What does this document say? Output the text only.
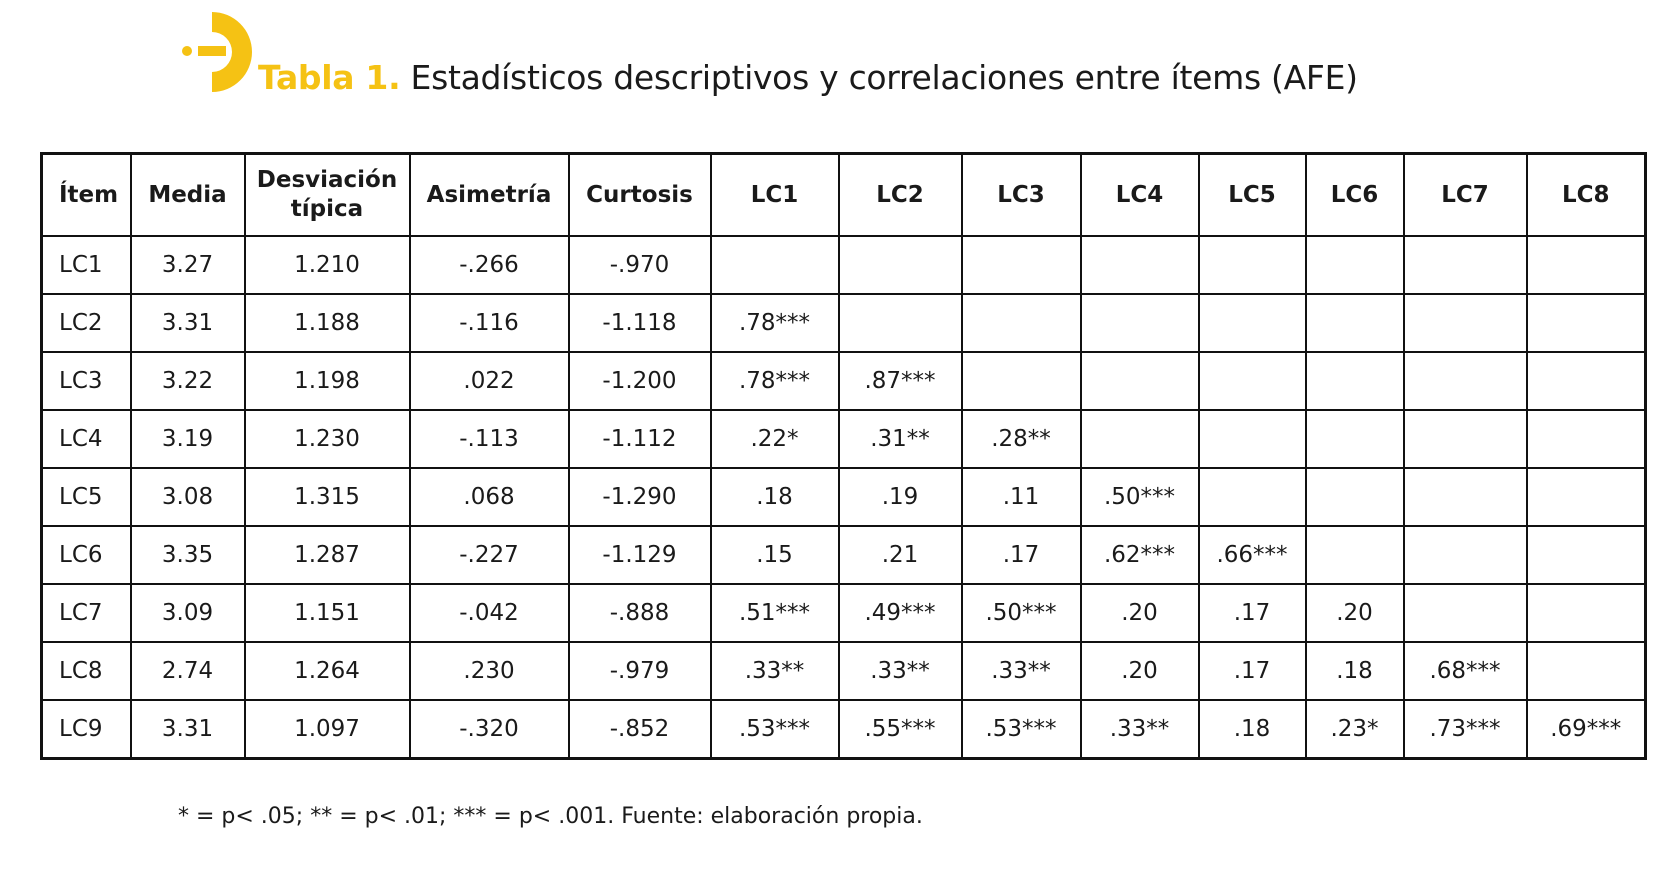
Tabla 1. Estadísticos descriptivos y correlaciones entre ítems (AFE)
Ítem	Media	Desviación típica	Asimetría	Curtosis	LC1	LC2	LC3	LC4	LC5	LC6	LC7	LC8
LC1	3.27	1.210	-.266	-.970								
LC2	3.31	1.188	-.116	-1.118	.78***							
LC3	3.22	1.198	.022	-1.200	.78***	.87***						
LC4	3.19	1.230	-.113	-1.112	.22*	.31**	.28**					
LC5	3.08	1.315	.068	-1.290	.18	.19	.11	.50***				
LC6	3.35	1.287	-.227	-1.129	.15	.21	.17	.62***	.66***			
LC7	3.09	1.151	-.042	-.888	.51***	.49***	.50***	.20	.17	.20		
LC8	2.74	1.264	.230	-.979	.33**	.33**	.33**	.20	.17	.18	.68***	
LC9	3.31	1.097	-.320	-.852	.53***	.55***	.53***	.33**	.18	.23*	.73***	.69***
* = p< .05; ** = p< .01; *** = p< .001. Fuente: elaboración propia.
